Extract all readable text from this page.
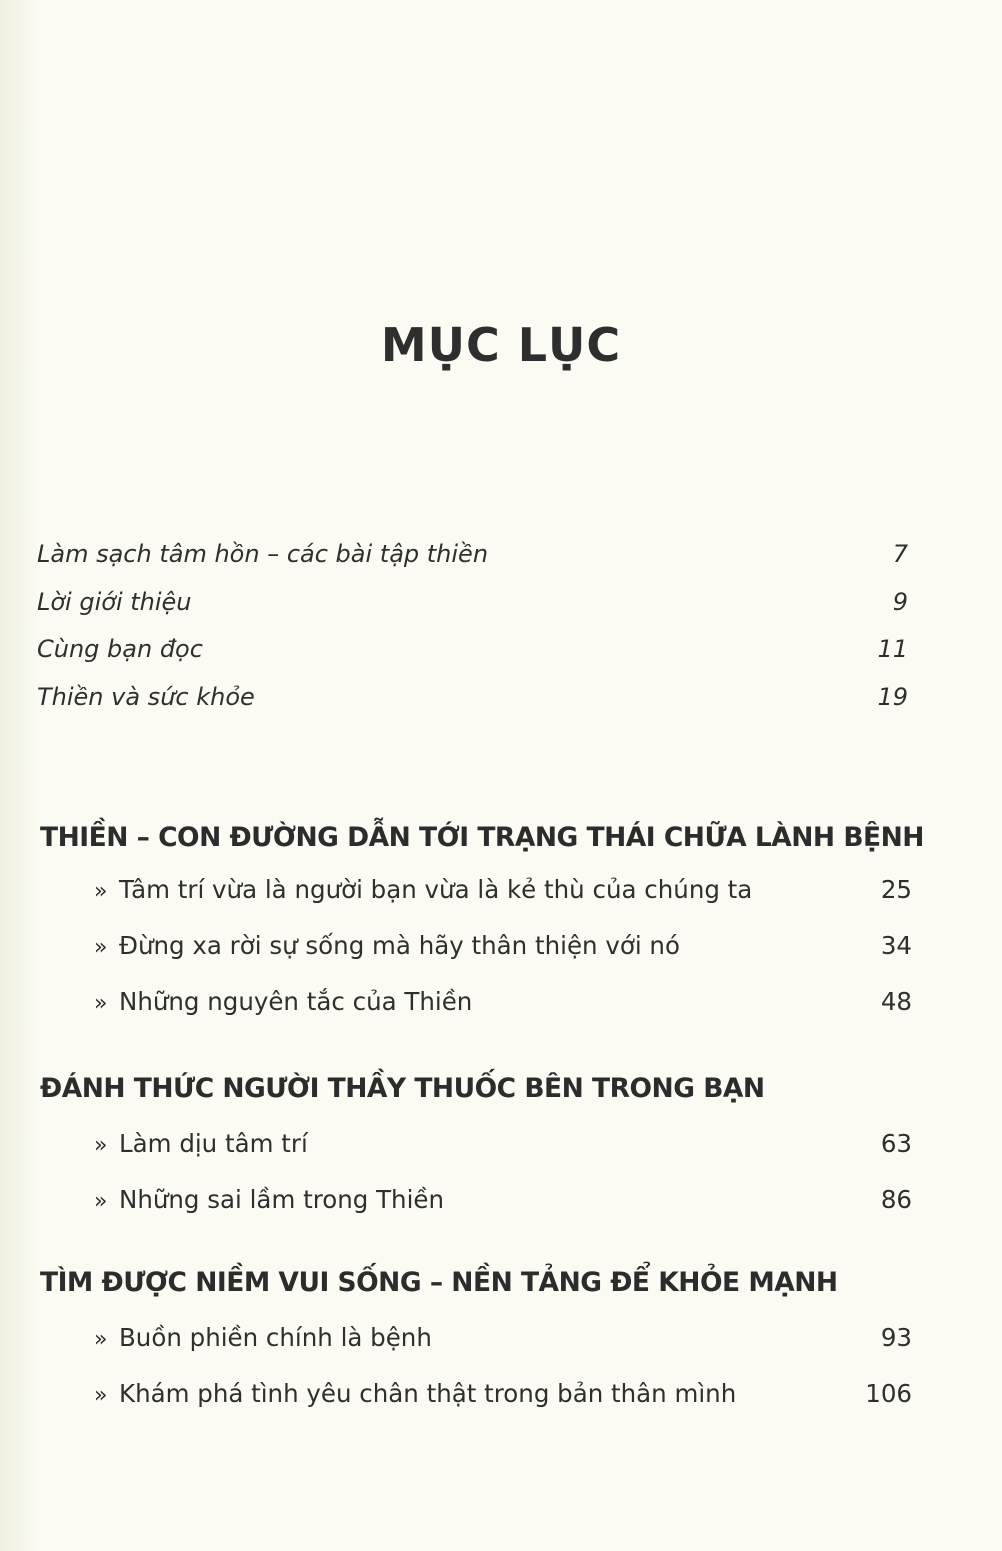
MỤC LỤC
Làm sạch tâm hồn – các bài tập thiền	7
Lời giới thiệu	9
Cùng bạn đọc	11
Thiền và sức khỏe	19
THIỀN – CON ĐƯỜNG DẪN TỚI TRẠNG THÁI CHỮA LÀNH BỆNH
» Tâm trí vừa là người bạn vừa là kẻ thù của chúng ta	25
» Đừng xa rời sự sống mà hãy thân thiện với nó	34
» Những nguyên tắc của Thiền	48
ĐÁNH THỨC NGƯỜI THẦY THUỐC BÊN TRONG BẠN
» Làm dịu tâm trí	63
» Những sai lầm trong Thiền	86
TÌM ĐƯỢC NIỀM VUI SỐNG – NỀN TẢNG ĐỂ KHỎE MẠNH
» Buồn phiền chính là bệnh	93
» Khám phá tình yêu chân thật trong bản thân mình	106
